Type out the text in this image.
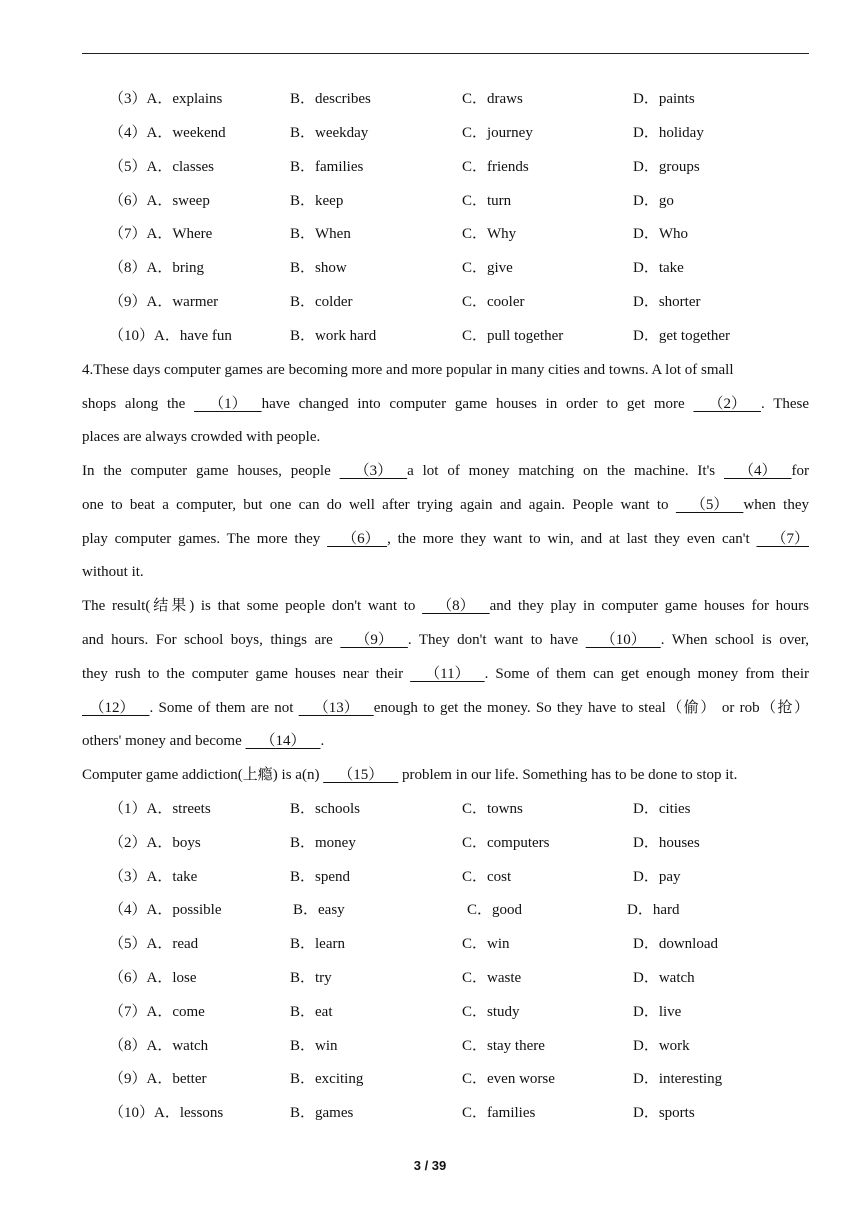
（3）A．explains	B．describes	C．draws	D．paints
（4）A．weekend	B．weekday	C．journey	D．holiday
（5）A．classes	B．families	C．friends	D．groups
（6）A．sweep	B．keep	C．turn	D．go
（7）A．Where	B．When	C．Why	D．Who
（8）A．bring	B．show	C．give	D．take
（9）A．warmer	B．colder	C．cooler	D．shorter
（10）A．have fun	B．work hard	C．pull together	D．get together
4.These days computer games are becoming more and more popular in many cities and towns. A lot of small
shops along the     （1）    have changed into computer game houses in order to get more     （2）    . These
places are always crowded with people.
In the computer game houses, people     （3）    a lot of money matching on the machine. It's     （4）    for
one to beat a computer, but one can do well after trying again and again. People want to     （5）    when they
play computer games. The more they     （6）  , the more they want to win, and at last they even can't     （7）
without it.
The result(结果) is that some people don't want to     （8）    and they play in computer game houses for hours
and hours. For school boys, things are     （9）    . They don't want to have     （10）    . When school is over,
they rush to the computer game houses near their     （11）    . Some of them can get enough money from their
（12）    . Some of them are not     （13）    enough to get the money. So they have to steal（偷） or rob（抢）
others' money and become     （14）    .
Computer game addiction(上瘾) is a(n)     （15）     problem in our life. Something has to be done to stop it.
（1）A．streets	B．schools	C．towns	D．cities
（2）A．boys	B．money	C．computers	D．houses
（3）A．take	B．spend	C．cost	D．pay
（4）A．possible	B．easy	C．good	D．hard
（5）A．read	B．learn	C．win	D．download
（6）A．lose	B．try	C．waste	D．watch
（7）A．come	B．eat	C．study	D．live
（8）A．watch	B．win	C．stay there	D．work
（9）A．better	B．exciting	C．even worse	D．interesting
（10）A．lessons	B．games	C．families	D．sports
3 / 39
